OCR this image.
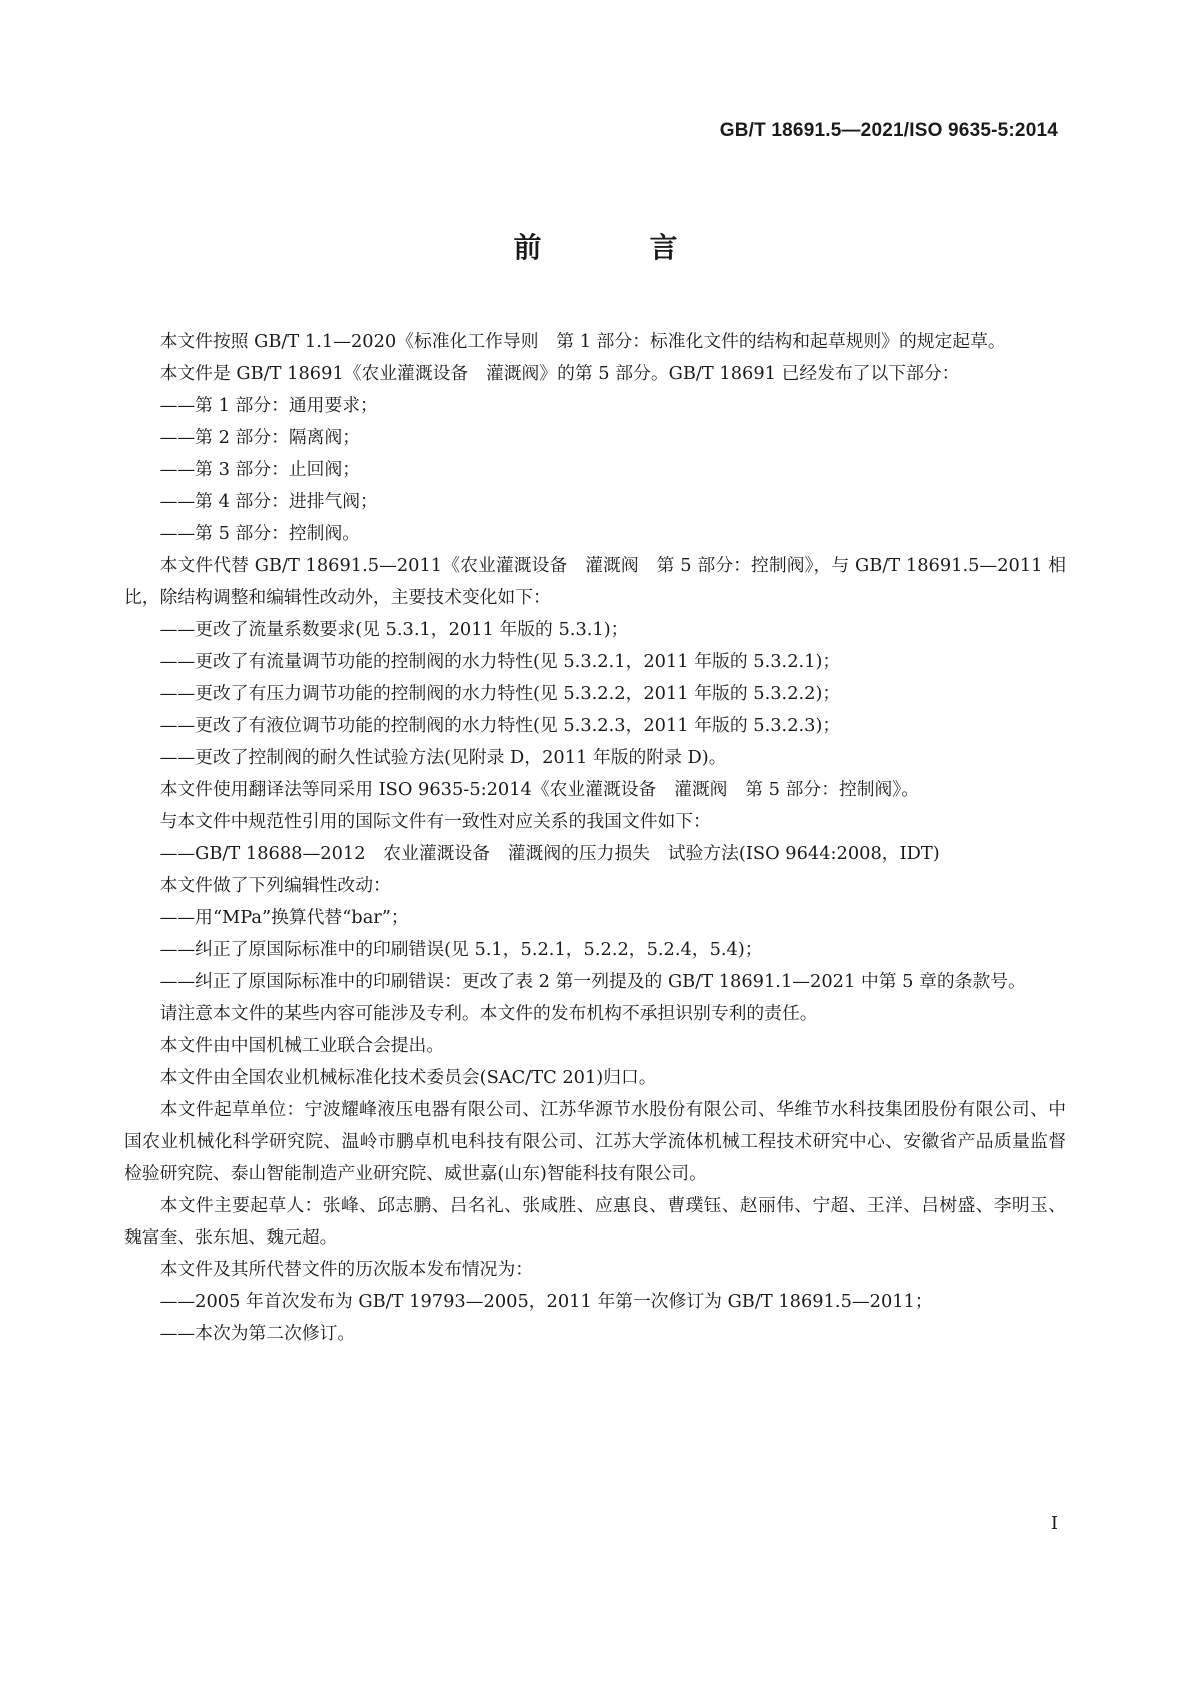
GB/T 18691.5—2021/ISO 9635-5:2014
前　言

本文件按照 GB/T 1.1—2020《标准化工作导则　第 1 部分：标准化文件的结构和起草规则》的规定起草。

本文件是 GB/T 18691《农业灌溉设备　灌溉阀》的第 5 部分。GB/T 18691 已经发布了以下部分：

——第 1 部分：通用要求；

——第 2 部分：隔离阀；

——第 3 部分：止回阀；

——第 4 部分：进排气阀；

——第 5 部分：控制阀。

本文件代替 GB/T 18691.5—2011《农业灌溉设备　灌溉阀　第 5 部分：控制阀》，与 GB/T 18691.5—2011 相比，除结构调整和编辑性改动外，主要技术变化如下：

——更改了流量系数要求(见 5.3.1，2011 年版的 5.3.1)；

——更改了有流量调节功能的控制阀的水力特性(见 5.3.2.1，2011 年版的 5.3.2.1)；

——更改了有压力调节功能的控制阀的水力特性(见 5.3.2.2，2011 年版的 5.3.2.2)；

——更改了有液位调节功能的控制阀的水力特性(见 5.3.2.3，2011 年版的 5.3.2.3)；

——更改了控制阀的耐久性试验方法(见附录 D，2011 年版的附录 D)。

本文件使用翻译法等同采用 ISO 9635-5:2014《农业灌溉设备　灌溉阀　第 5 部分：控制阀》。

与本文件中规范性引用的国际文件有一致性对应关系的我国文件如下：

——GB/T 18688—2012　农业灌溉设备　灌溉阀的压力损失　试验方法(ISO 9644:2008，IDT)

本文件做了下列编辑性改动：

——用“MPa”换算代替“bar”；

——纠正了原国际标准中的印刷错误(见 5.1，5.2.1，5.2.2，5.2.4，5.4)；

——纠正了原国际标准中的印刷错误：更改了表 2 第一列提及的 GB/T 18691.1—2021 中第 5 章的条款号。

请注意本文件的某些内容可能涉及专利。本文件的发布机构不承担识别专利的责任。

本文件由中国机械工业联合会提出。

本文件由全国农业机械标准化技术委员会(SAC/TC 201)归口。

本文件起草单位：宁波耀峰液压电器有限公司、江苏华源节水股份有限公司、华维节水科技集团股份有限公司、中国农业机械化科学研究院、温岭市鹏卓机电科技有限公司、江苏大学流体机械工程技术研究中心、安徽省产品质量监督检验研究院、泰山智能制造产业研究院、威世嘉(山东)智能科技有限公司。

本文件主要起草人：张峰、邱志鹏、吕名礼、张咸胜、应惠良、曹璞钰、赵丽伟、宁超、王洋、吕树盛、李明玉、魏富奎、张东旭、魏元超。

本文件及其所代替文件的历次版本发布情况为：

——2005 年首次发布为 GB/T 19793—2005，2011 年第一次修订为 GB/T 18691.5—2011；

——本次为第二次修订。

I
